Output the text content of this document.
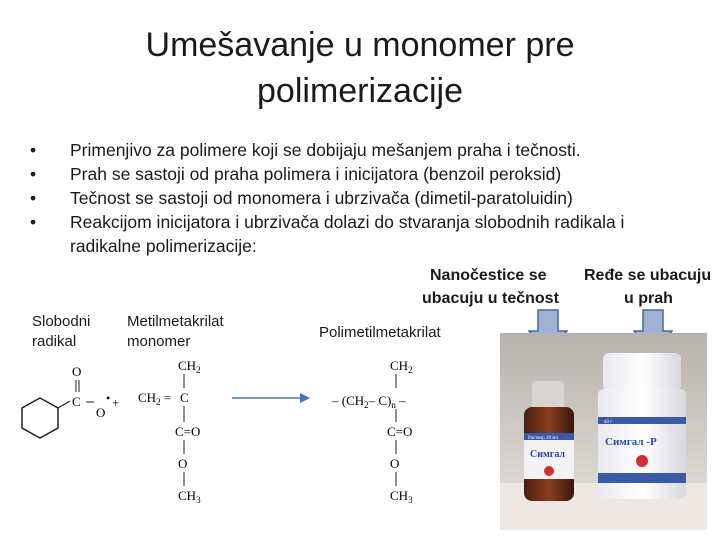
Umešavanje u monomer pre
polimerizacije
• Primenjivo za polimere koji se dobijaju mešanjem praha i tečnosti.
• Prah se sastoji od praha polimera i inicijatora (benzoil peroksid)
• Tečnost se sastoji od monomera i ubrzivača (dimetil-paratoluidin)
• Reakcijom inicijatora i ubrzivača dolazi do stvaranja slobodnih radikala i radikalne polimerizacije:
Nanočestice se
ubacuju u tečnost
Ređe se ubacuju
u prah
Slobodni
radikal
Metilmetakrilat
monomer
Polimetilmetakrilat
O
C
O
• +
$CH_2$
$CH_2 = C$
C=O
O
$CH_3$
$CH_2$
– ($CH_2-$ $C)_n$ –
C=O
O
$CH_3$
Симгал
Раствор 20 мл
40 г
Симгал -Р
